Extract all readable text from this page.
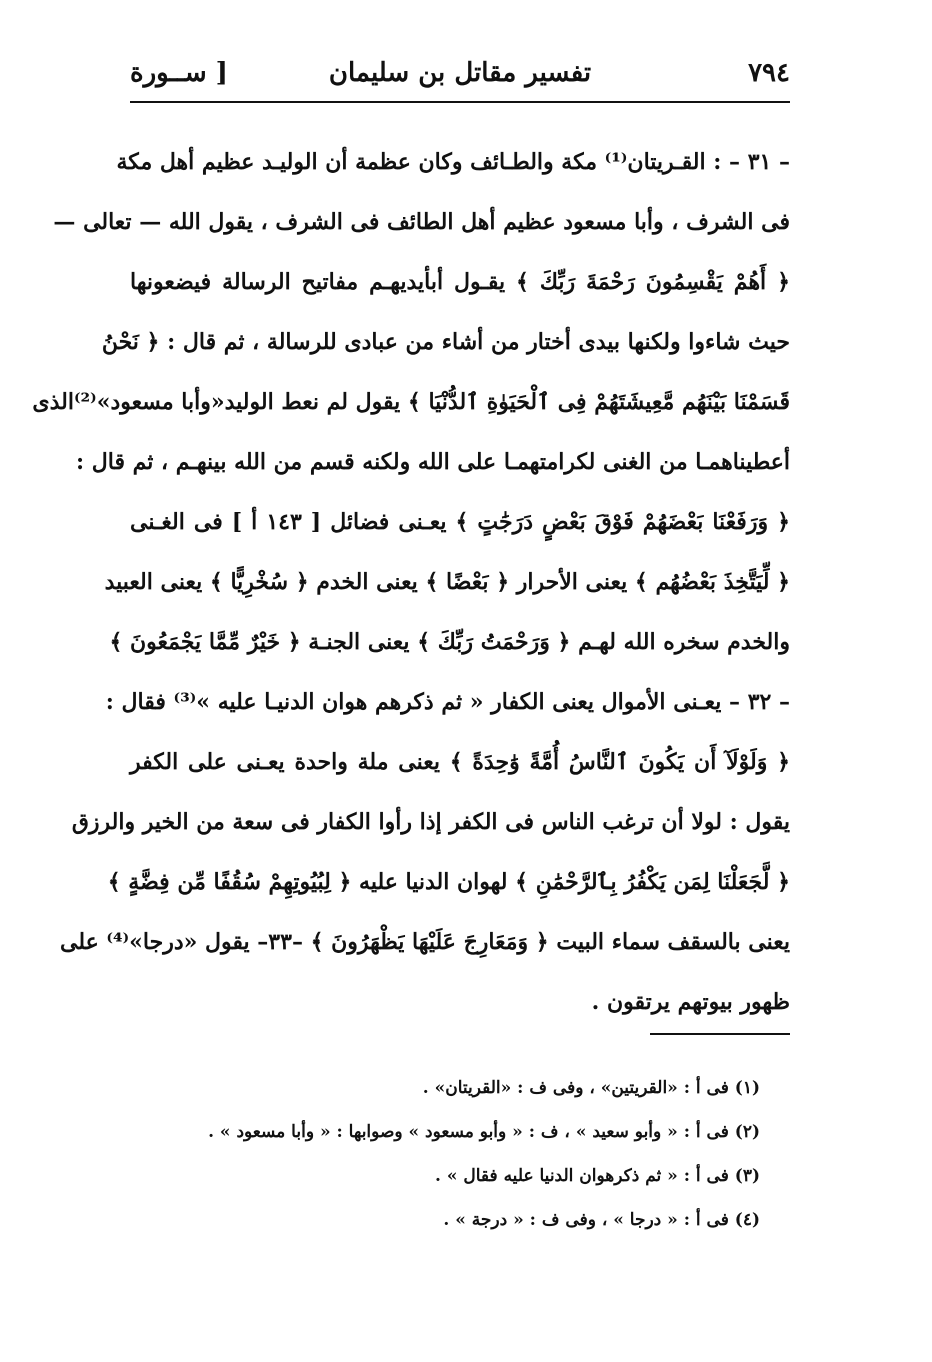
٧٩٤
تفسير مقاتل بن سليمان
[ ســورة
– ٣١ – : القـريتان⁽¹⁾ مكة والطـائف وكان عظمة أن الوليـد عظيم أهل مكة
فى الشرف ، وأبا مسعود عظيم أهل الطائف فى الشرف ، يقول الله — تعالى —
﴿ أَهُمْ يَقْسِمُونَ رَحْمَةَ رَبِّكَ ﴾ يقـول أبأيديهـم مفاتيح الرسالة فيضعونها
حيث شاءوا ولكنها بيدى أختار من أشاء من عبادى للرسالة ، ثم قال : ﴿ نَحْنُ
قَسَمْنَا بَيْنَهُم مَّعِيشَتَهُمْ فِى ٱلْحَيَوٰةِ ٱلدُّنْيَا ﴾ يقول لم نعط الوليد«وأبا مسعود»⁽²⁾الذى
أعطيناهمـا من الغنى لكرامتهمـا على الله ولكنه قسم من الله بينهـم ، ثم قال :
﴿ وَرَفَعْنَا بَعْضَهُمْ فَوْقَ بَعْضٍ دَرَجَٰتٍ ﴾ يعـنى فضائل [ ١٤٣ أ ] فى الغـنى
﴿ لِّيَتَّخِذَ بَعْضُهُم ﴾ يعنى الأحرار ﴿ بَعْضًا ﴾ يعنى الخدم ﴿ سُخْرِيًّا ﴾ يعنى العبيد
والخدم سخره الله لهـم ﴿ وَرَحْمَتُ رَبِّكَ ﴾ يعنى الجنـة ﴿ خَيْرٌ مِّمَّا يَجْمَعُونَ ﴾
– ٣٢ – يعـنى الأموال يعنى الكفار « ثم ذكرهم هوان الدنيـا عليه »⁽³⁾ فقال :
﴿ وَلَوْلَآ أَن يَكُونَ ٱلنَّاسُ أُمَّةً وَٰحِدَةً ﴾ يعنى ملة واحدة يعـنى على الكفر
يقول : لولا أن ترغب الناس فى الكفر إذا رأوا الكفار فى سعة من الخير والرزق
﴿ لَّجَعَلْنَا لِمَن يَكْفُرُ بِٱلرَّحْمَٰنِ ﴾ لهوان الدنيا عليه ﴿ لِبُيُوتِهِمْ سُقُفًا مِّن فِضَّةٍ ﴾
يعنى بالسقف سماء البيت ﴿ وَمَعَارِجَ عَلَيْهَا يَظْهَرُونَ ﴾ –٣٣– يقول «درجا»⁽⁴⁾ على
ظهور بيوتهم يرتقون .
(١) فى أ : «القريتين» ، وفى ف : «القريتان» .
(٢) فى أ : « وأبو سعيد » ، ف : « وأبو مسعود » وصوابها : « وأبا مسعود » .
(٣) فى أ : « ثم ذكرهوان الدنيا عليه فقال » .
(٤) فى أ : « درجا » ، وفى ف : « درجة » .
